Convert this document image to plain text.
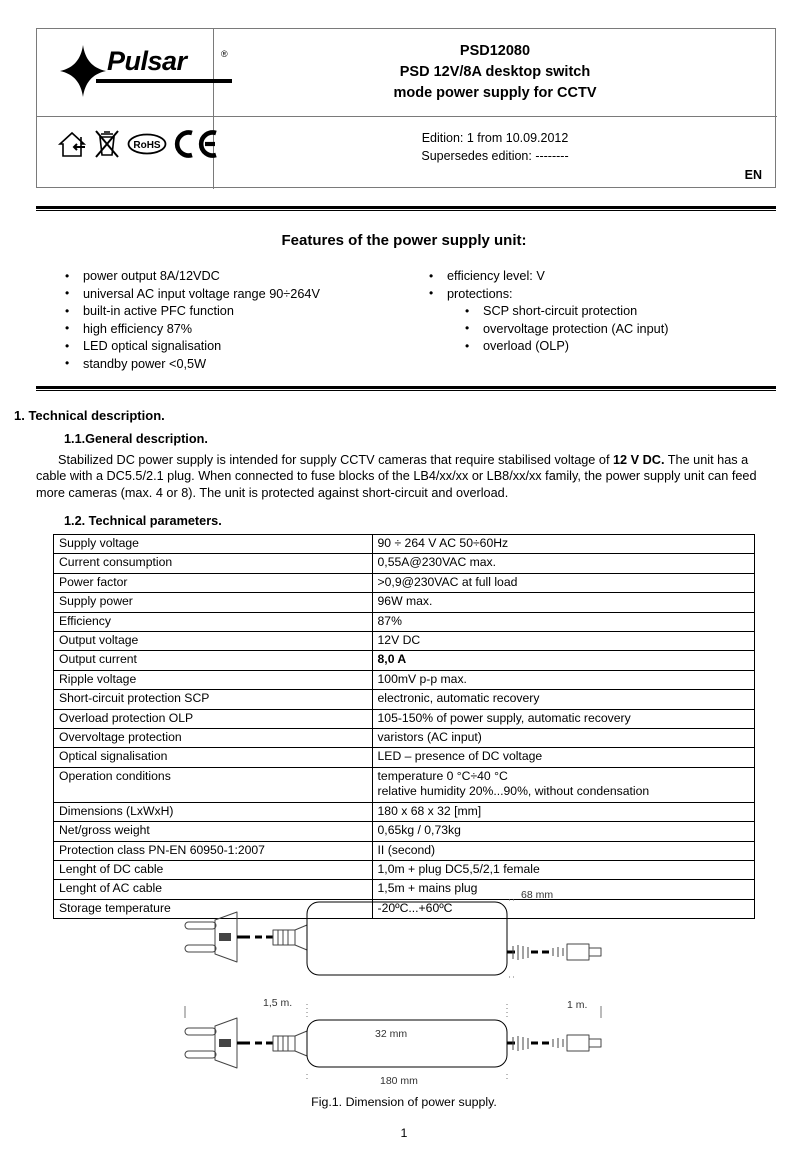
Pulsar	®
RoHS
PSD12080
PSD 12V/8A desktop switch
mode power supply for CCTV
Edition: 1 from 10.09.2012
Supersedes edition: --------
EN
Features of the power supply unit:
• power output 8A/12VDC
• universal AC input voltage range 90÷264V
• built-in active PFC function
• high efficiency 87%
• LED optical signalisation
• standby power <0,5W
• efficiency level: V
• protections:
• SCP short-circuit protection
• overvoltage protection (AC input)
• overload (OLP)
1. Technical description.
1.1.General description.
Stabilized DC power supply is intended for supply CCTV cameras that require stabilised voltage of 12 V DC. The unit has a cable with a DC5.5/2.1 plug. When connected to fuse blocks of the LB4/xx/xx or LB8/xx/xx family, the power supply unit can feed more cameras (max. 4 or 8). The unit is protected against short-circuit and overload.
1.2. Technical parameters.
Supply voltage	90 ÷ 264 V AC 50÷60Hz
Current consumption	0,55A@230VAC max.
Power factor	>0,9@230VAC at full load
Supply power	96W max.
Efficiency	87%
Output voltage	12V DC
Output current	8,0 A
Ripple voltage	100mV p-p max.
Short-circuit protection SCP	electronic, automatic recovery
Overload protection OLP	105-150% of power supply, automatic recovery
Overvoltage protection	varistors (AC input)
Optical signalisation	LED – presence of DC voltage
Operation conditions	temperature 0 °C÷40 °C
relative humidity 20%...90%, without condensation

Dimensions (LxWxH)	180 x 68 x 32 [mm]
Net/gross weight	0,65kg / 0,73kg
Protection class PN-EN 60950-1:2007	II (second)
Lenght of DC cable	1,0m + plug DC5,5/2,1 female
Lenght of AC cable	1,5m + mains plug
Storage temperature	-20ºC...+60ºC
68 mm
1,5 m.	1 m.
32 mm
180 mm
Fig.1. Dimension of power supply.
1
